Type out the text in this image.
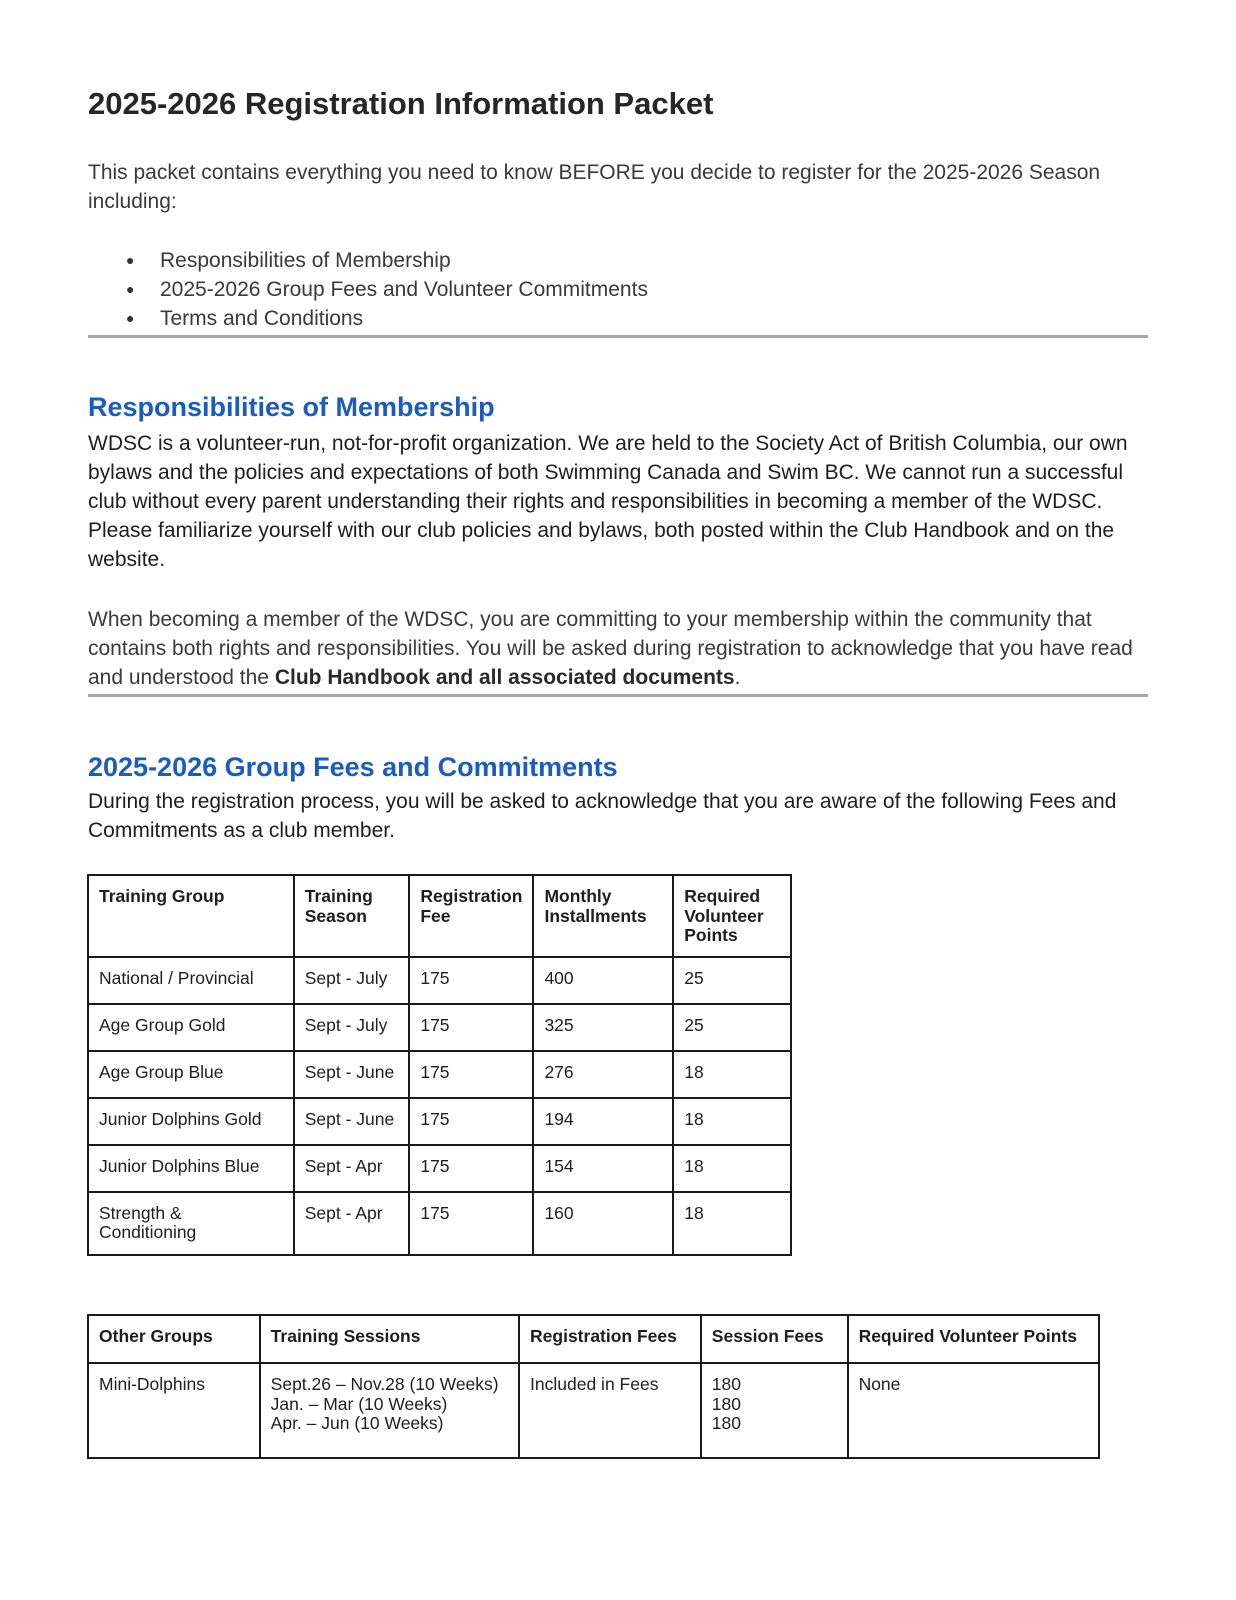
2025-2026 Registration Information Packet

This packet contains everything you need to know BEFORE you decide to register for the 2025-2026 Season including:

● Responsibilities of Membership
● 2025-2026 Group Fees and Volunteer Commitments
● Terms and Conditions
Responsibilities of Membership

WDSC is a volunteer-run, not-for-profit organization. We are held to the Society Act of British Columbia, our own bylaws and the policies and expectations of both Swimming Canada and Swim BC. We cannot run a successful club without every parent understanding their rights and responsibilities in becoming a member of the WDSC. Please familiarize yourself with our club policies and bylaws, both posted within the Club Handbook and on the website.

When becoming a member of the WDSC, you are committing to your membership within the community that contains both rights and responsibilities. You will be asked during registration to acknowledge that you have read and understood the Club Handbook and all associated documents.

2025-2026 Group Fees and Commitments

During the registration process, you will be asked to acknowledge that you are aware of the following Fees and Commitments as a club member.

Training Group	Training Season	Registration Fee	Monthly Installments	Required Volunteer Points
National / Provincial	Sept - July	175	400	25
Age Group Gold	Sept - July	175	325	25
Age Group Blue	Sept - June	175	276	18
Junior Dolphins Gold	Sept - June	175	194	18
Junior Dolphins Blue	Sept - Apr	175	154	18
Strength & Conditioning	Sept - Apr	175	160	18
Other Groups	Training Sessions	Registration Fees	Session Fees	Required Volunteer Points
Mini-Dolphins	Sept.26 – Nov.28 (10 Weeks)
Jan. – Mar (10 Weeks)
Apr. – Jun (10 Weeks)	Included in Fees	180
180
180	None
